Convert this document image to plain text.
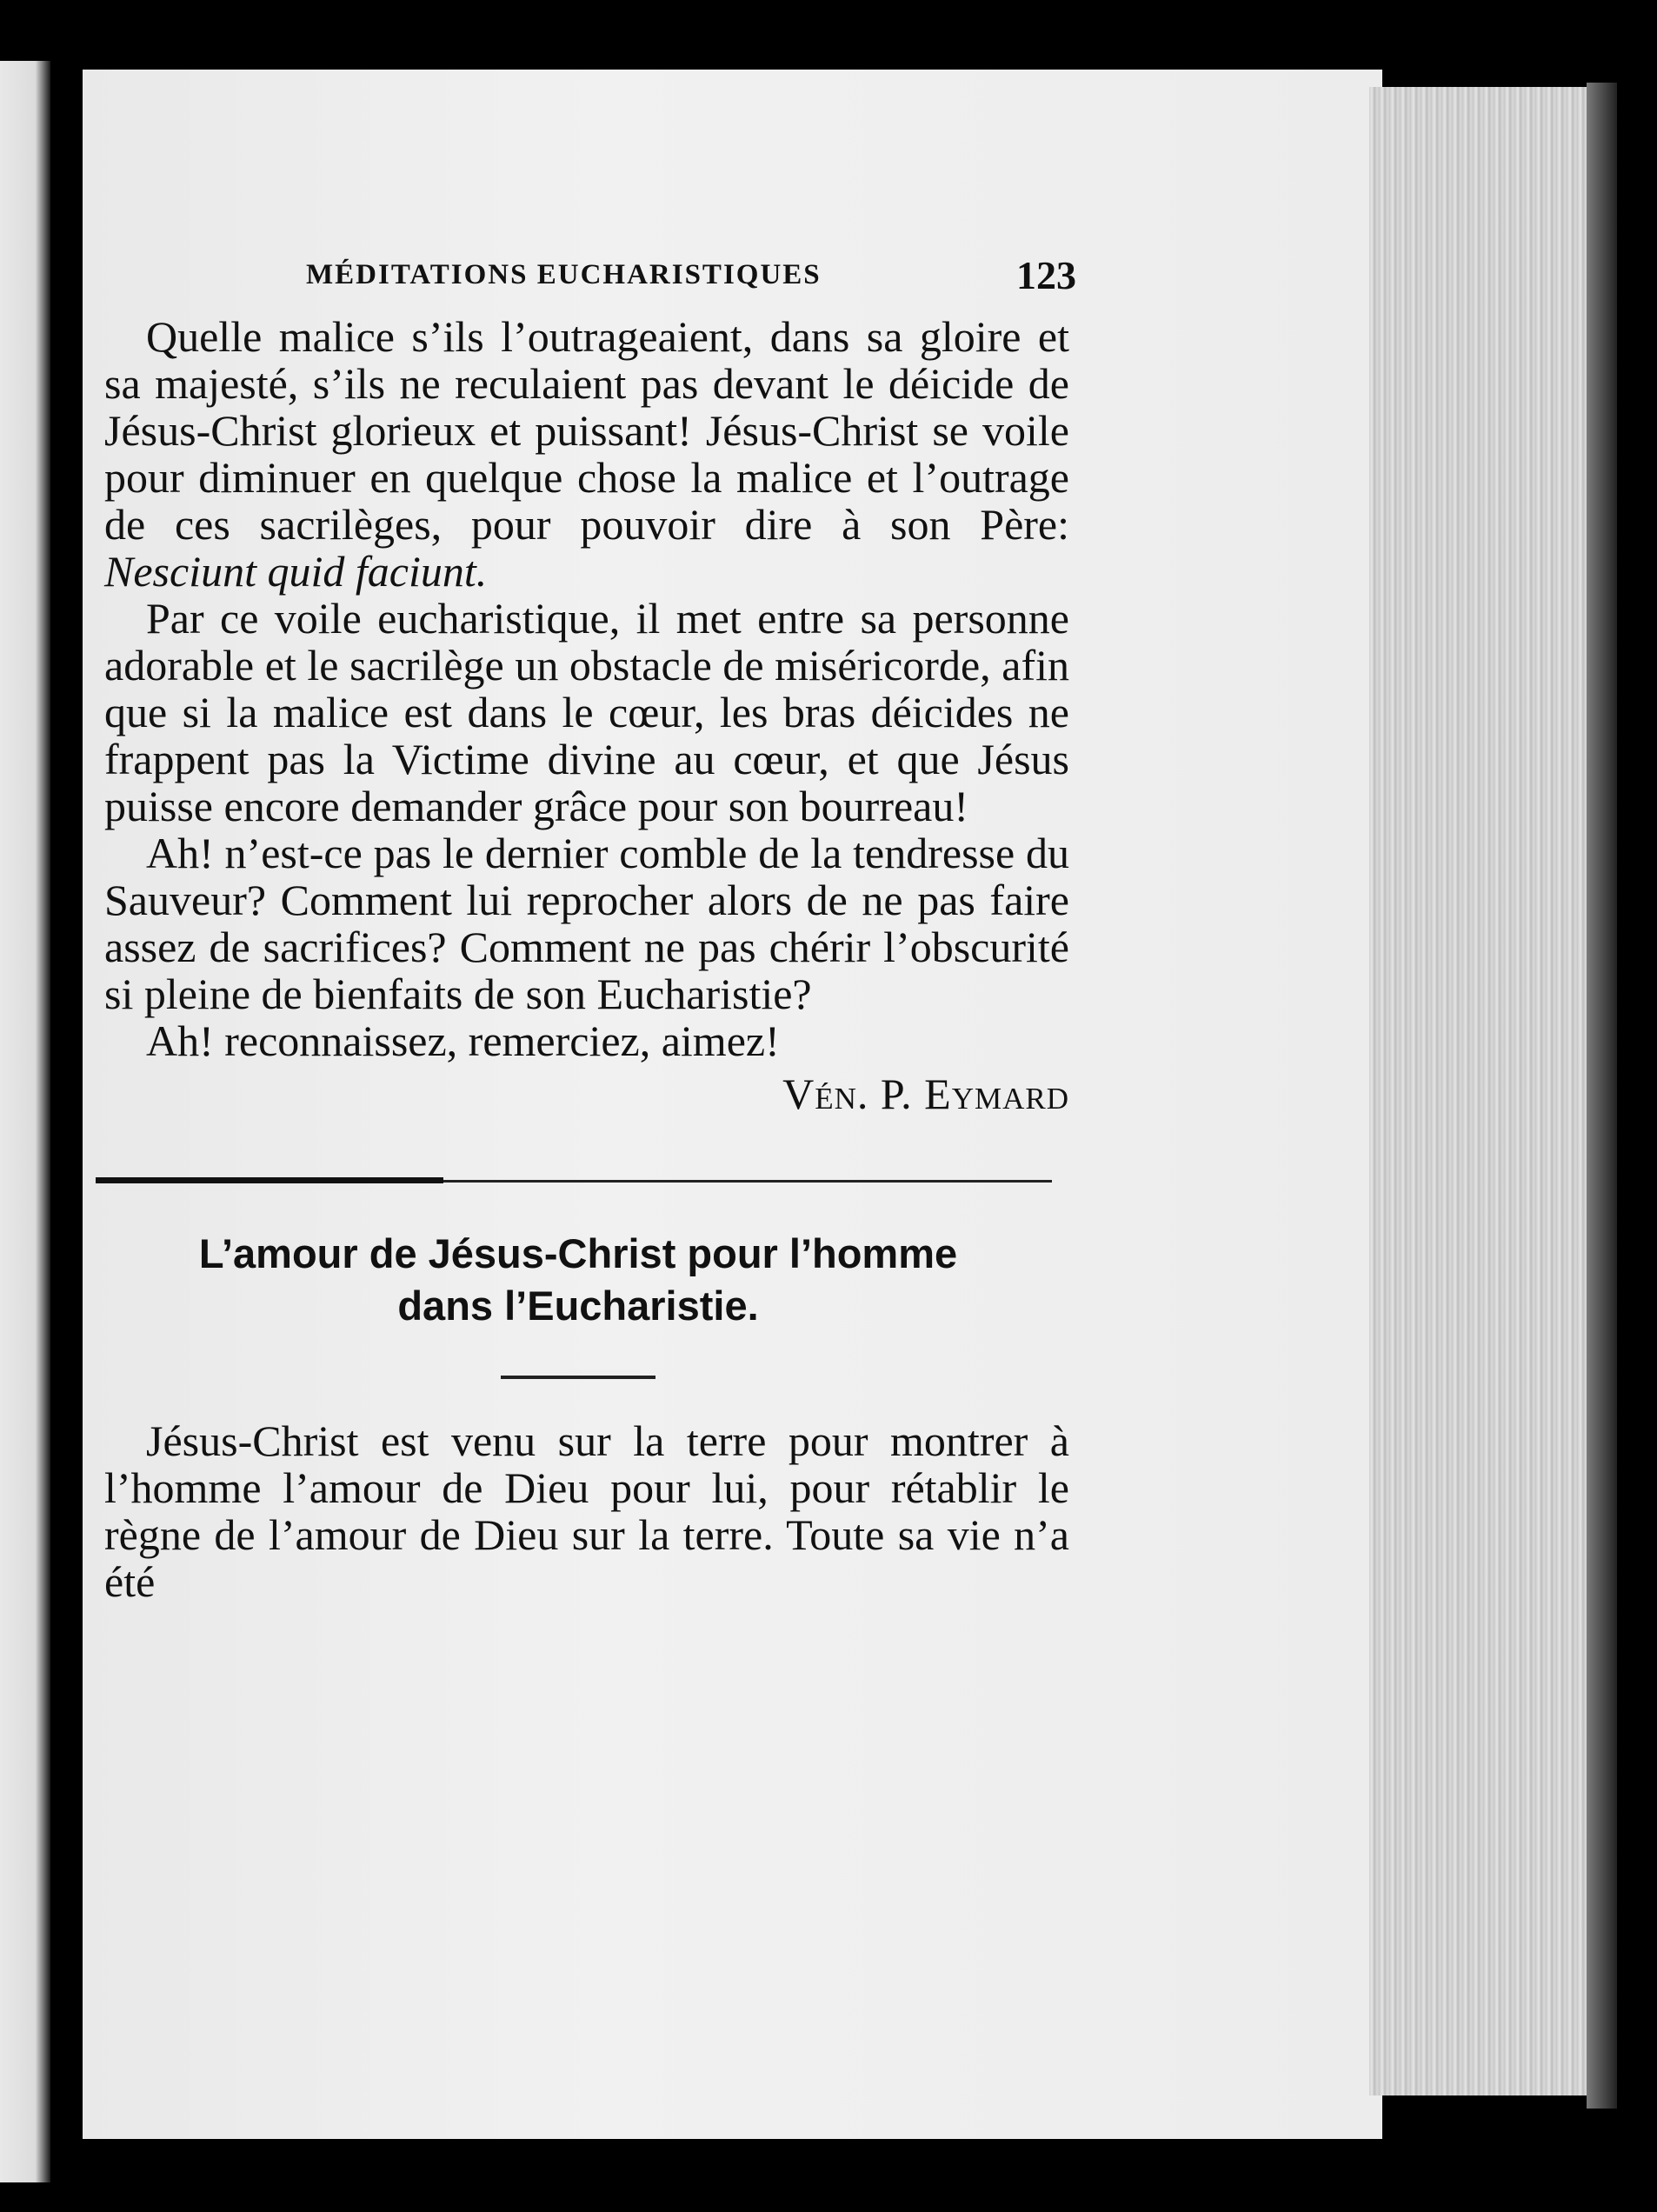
MÉDITATIONS EUCHARISTIQUES	123

Quelle malice s’ils l’outrageaient, dans sa gloire et sa majesté, s’ils ne reculaient pas devant le déicide de Jésus-Christ glorieux et puissant! Jésus-Christ se voile pour diminuer en quelque chose la malice et l’outrage de ces sacrilèges, pour pouvoir dire à son Père: Nesciunt quid faciunt.

Par ce voile eucharistique, il met entre sa personne adorable et le sacrilège un obstacle de miséricorde, afin que si la malice est dans le cœur, les bras déicides ne frappent pas la Victime divine au cœur, et que Jésus puisse encore demander grâce pour son bourreau!

Ah! n’est-ce pas le dernier comble de la tendresse du Sauveur? Comment lui reprocher alors de ne pas faire assez de sacrifices? Comment ne pas chérir l’obscurité si pleine de bienfaits de son Eucharistie?

Ah! reconnaissez, remerciez, aimez!

Vén. P. Eymard
L’amour de Jésus-Christ pour l’homme
dans l’Eucharistie.

Jésus-Christ est venu sur la terre pour montrer à l’homme l’amour de Dieu pour lui, pour rétablir le règne de l’amour de Dieu sur la terre. Toute sa vie n’a été
